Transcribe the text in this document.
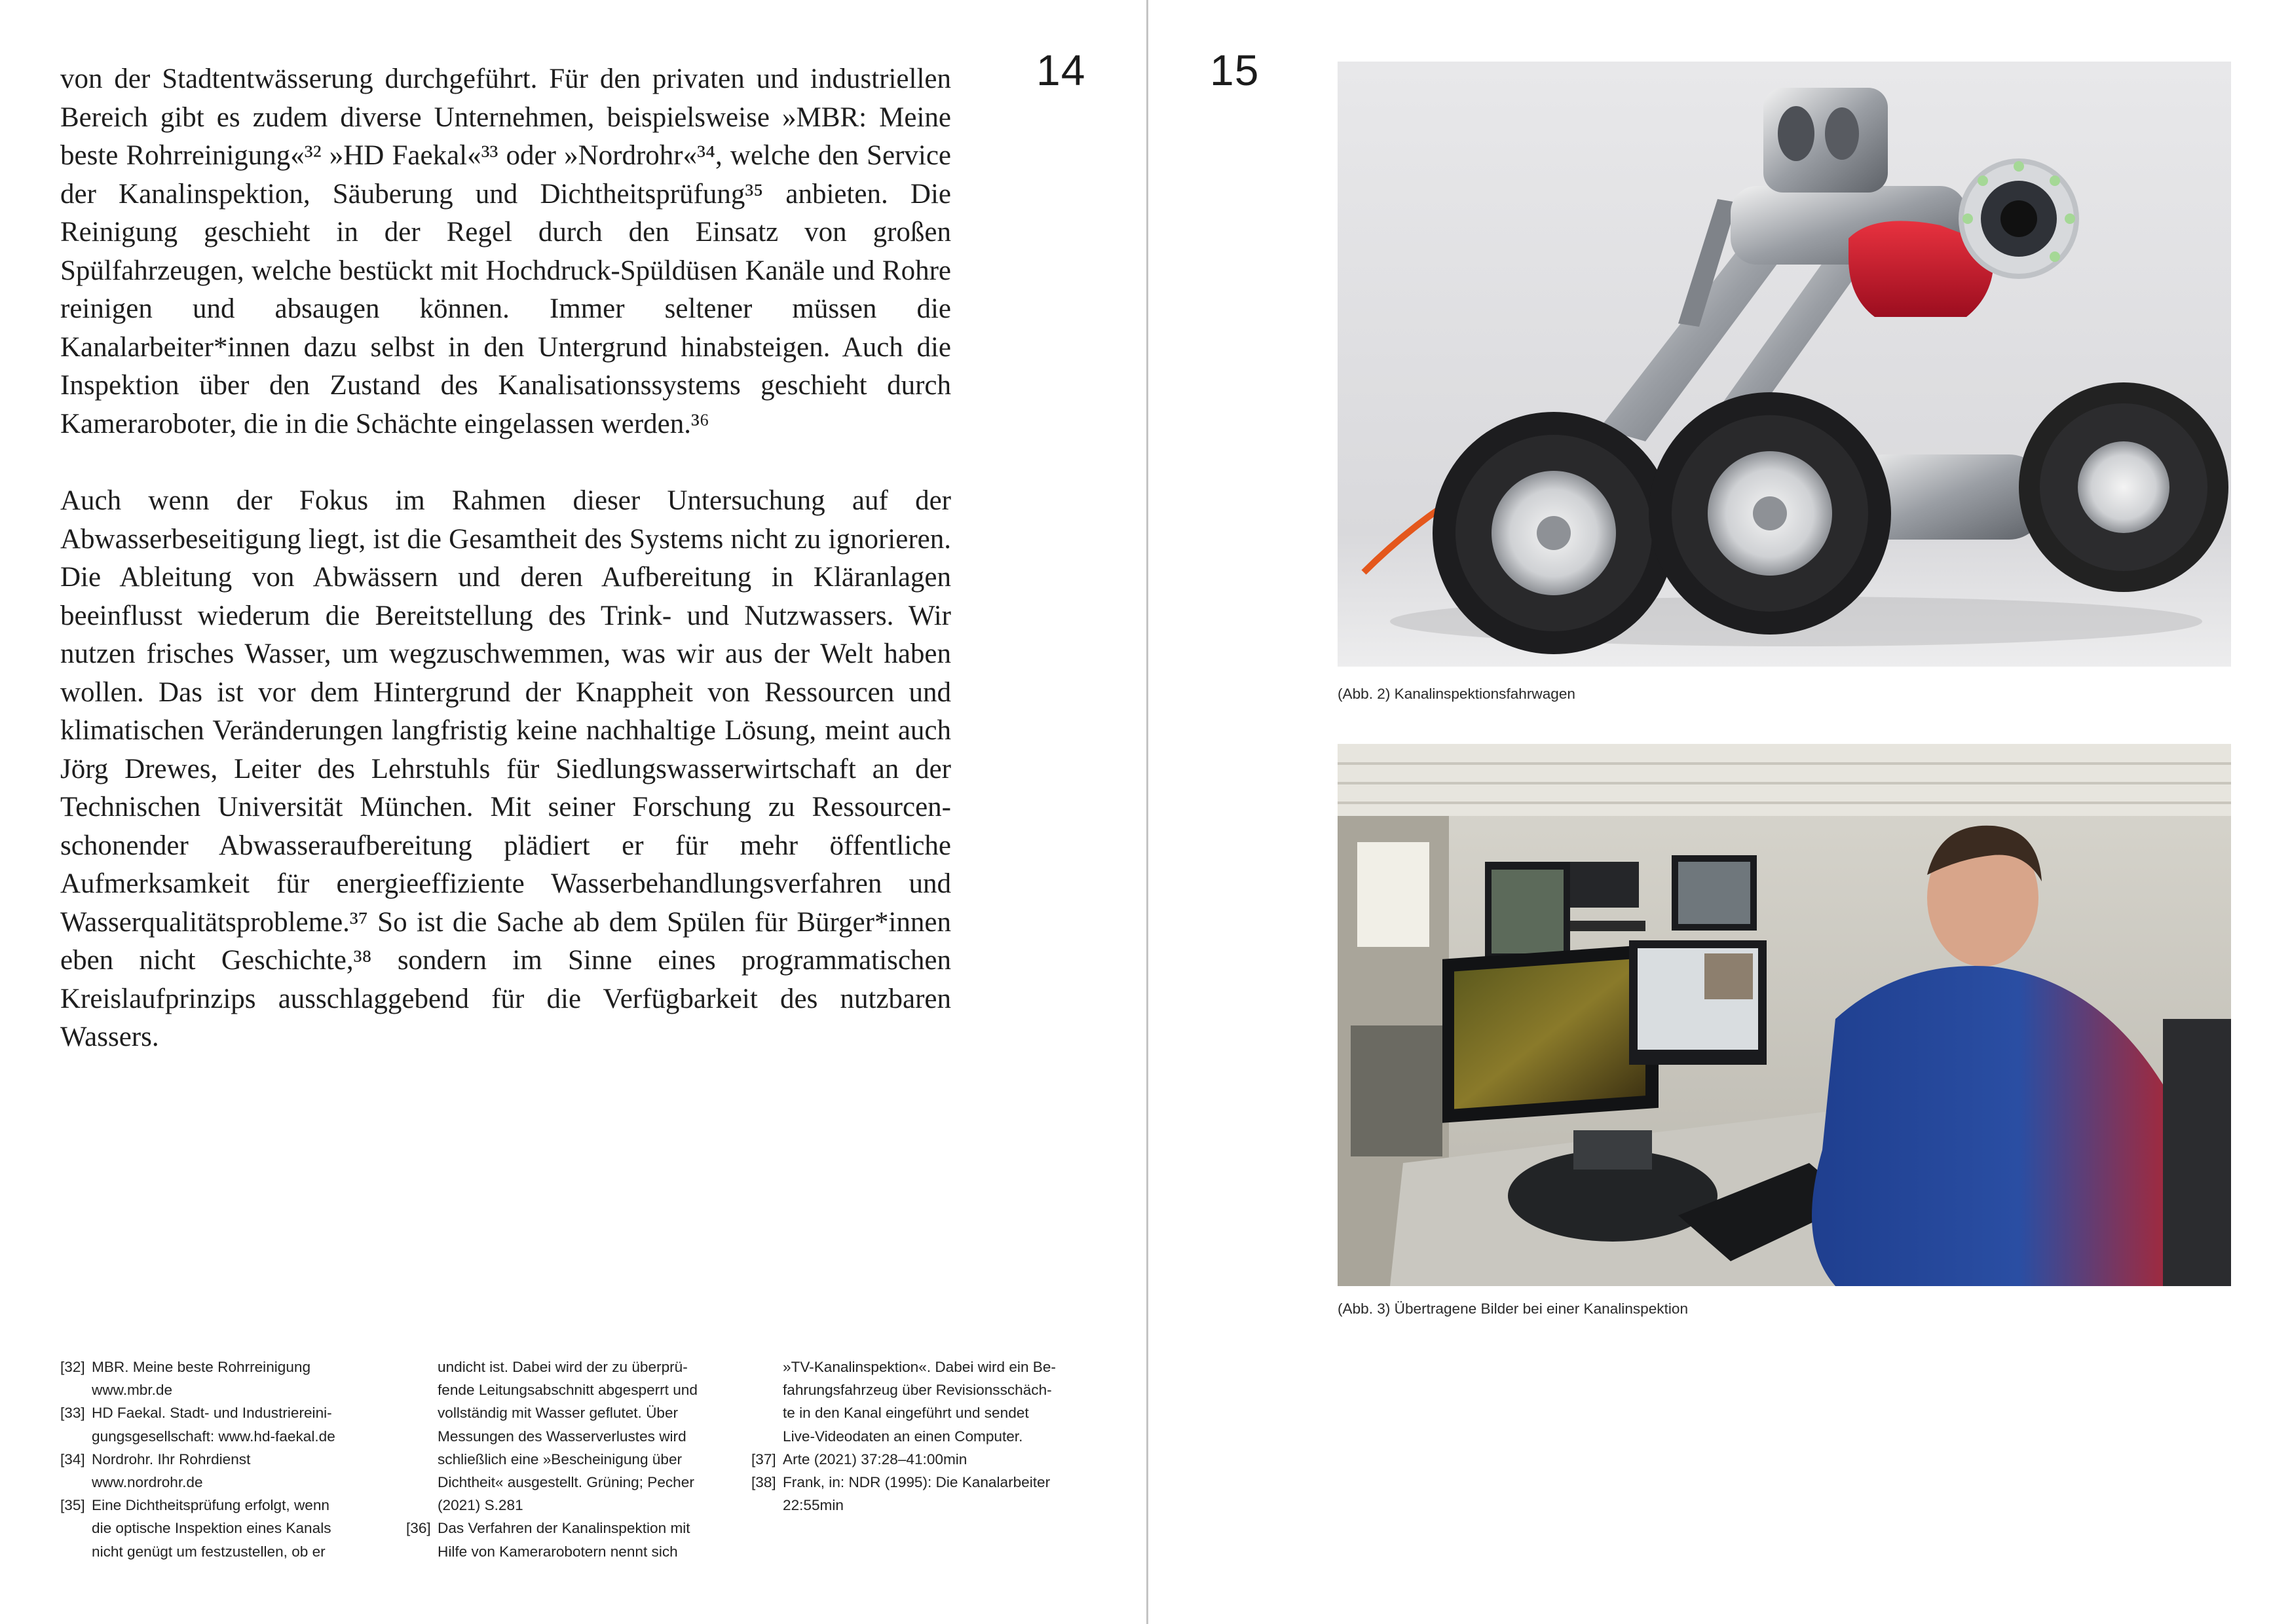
14

von der Stadtentwässerung durchgeführt. Für den privaten und industriellen Bereich gibt es zudem diverse Unternehmen, beispielsweise »MBR: Meine beste Rohrreinigung«³² »HD Faekal«³³ oder »Nordrohr«³⁴, welche den Service der Kanalinspektion, Säuberung und Dichtheitsprüfung³⁵ anbieten. Die Reinigung geschieht in der Regel durch den Einsatz von großen Spülfahrzeugen, welche bestückt mit Hochdruck-Spüldüsen Kanäle und Rohre reinigen und absaugen können. Immer seltener müssen die Kanalarbeiter*innen dazu selbst in den Untergrund hinabsteigen. Auch die Inspektion über den Zustand des Kanalisationssystems geschieht durch Kameraroboter, die in die Schächte eingelassen werden.³⁶

Auch wenn der Fokus im Rahmen dieser Untersuchung auf der Abwasserbeseitigung liegt, ist die Gesamtheit des Systems nicht zu ignorieren. Die Ableitung von Abwässern und deren Aufbereitung in Kläranlagen beeinflusst wiederum die Bereitstellung des Trink- und Nutzwassers. Wir nutzen frisches Wasser, um wegzuschwemmen, was wir aus der Welt haben wollen. Das ist vor dem Hintergrund der Knappheit von Ressourcen und klimatischen Veränderungen langfristig keine nachhaltige Lösung, meint auch Jörg Drewes, Leiter des Lehrstuhls für Siedlungswasserwirtschaft an der Technischen Universität München. Mit seiner Forschung zu Ressourcen-schonender Abwasseraufbereitung plädiert er für mehr öffentliche Aufmerksamkeit für energieeffiziente Wasserbehandlungsverfahren und Wasserqualitätsprobleme.³⁷ So ist die Sache ab dem Spülen für Bürger*innen eben nicht Geschichte,³⁸ sondern im Sinne eines programmatischen Kreislaufprinzips ausschlaggebend für die Verfügbarkeit des nutzbaren Wassers.

[32] MBR. Meine beste Rohrreinigung
www.mbr.de
[33] HD Faekal. Stadt- und Industriereini-
gungsgesellschaft: www.hd-faekal.de
[34] Nordrohr. Ihr Rohrdienst
www.nordrohr.de
[35] Eine Dichtheitsprüfung erfolgt, wenn
die optische Inspektion eines Kanals
nicht genügt um festzustellen, ob er
undicht ist. Dabei wird der zu überprü-
fende Leitungsabschnitt abgesperrt und
vollständig mit Wasser geflutet. Über
Messungen des Wasserverlustes wird
schließlich eine »Bescheinigung über
Dichtheit« ausgestellt. Grüning; Pecher
(2021) S.281
[36] Das Verfahren der Kanalinspektion mit
Hilfe von Kamerarobotern nennt sich
»TV-Kanalinspektion«. Dabei wird ein Be-
fahrungsfahrzeug über Revisionsschäch-
te in den Kanal eingeführt und sendet
Live-Videodaten an einen Computer.
[37] Arte (2021) 37:28–41:00min
[38] Frank, in: NDR (1995): Die Kanalarbeiter
22:55min
15
(Abb. 2) Kanalinspektionsfahrwagen
(Abb. 3) Übertragene Bilder bei einer Kanalinspektion
